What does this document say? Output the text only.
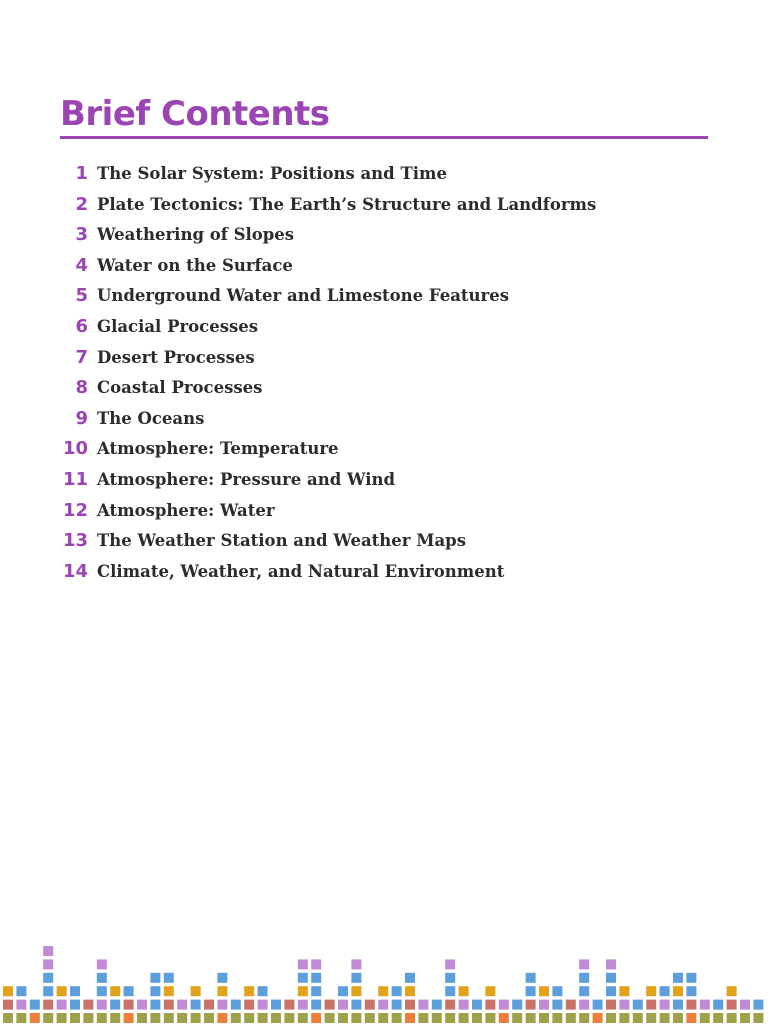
Brief Contents
1 The Solar System: Positions and Time
2 Plate Tectonics: The Earth’s Structure and Landforms
3 Weathering of Slopes
4 Water on the Surface
5 Underground Water and Limestone Features
6 Glacial Processes
7 Desert Processes
8 Coastal Processes
9 The Oceans
10 Atmosphere: Temperature
11 Atmosphere: Pressure and Wind
12 Atmosphere: Water
13 The Weather Station and Weather Maps
14 Climate, Weather, and Natural Environment
